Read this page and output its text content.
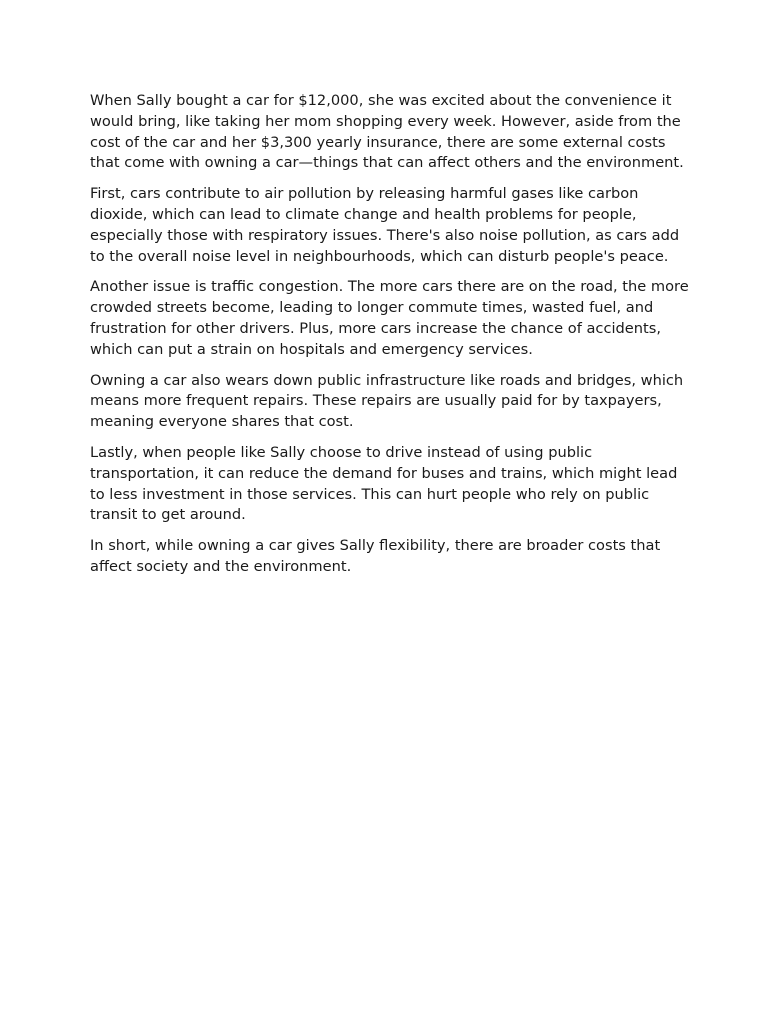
When Sally bought a car for $12,000, she was excited about the convenience it would bring, like taking her mom shopping every week. However, aside from the cost of the car and her $3,300 yearly insurance, there are some external costs that come with owning a car—things that can affect others and the environment.

First, cars contribute to air pollution by releasing harmful gases like carbon dioxide, which can lead to climate change and health problems for people, especially those with respiratory issues. There's also noise pollution, as cars add to the overall noise level in neighbourhoods, which can disturb people's peace.

Another issue is traffic congestion. The more cars there are on the road, the more crowded streets become, leading to longer commute times, wasted fuel, and frustration for other drivers. Plus, more cars increase the chance of accidents, which can put a strain on hospitals and emergency services.

Owning a car also wears down public infrastructure like roads and bridges, which means more frequent repairs. These repairs are usually paid for by taxpayers, meaning everyone shares that cost.

Lastly, when people like Sally choose to drive instead of using public transportation, it can reduce the demand for buses and trains, which might lead to less investment in those services. This can hurt people who rely on public transit to get around.

In short, while owning a car gives Sally flexibility, there are broader costs that affect society and the environment.
